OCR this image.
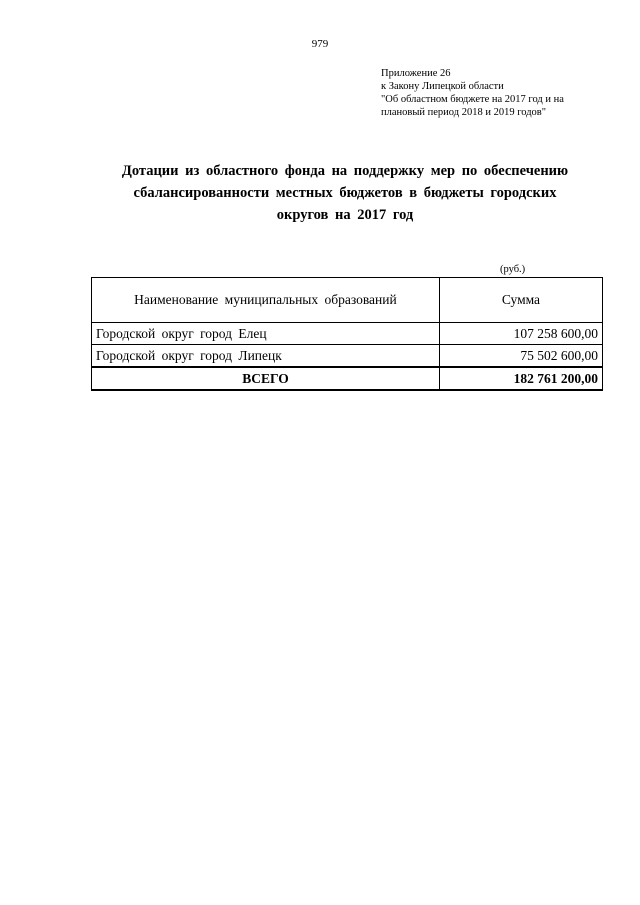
979
Приложение 26
к Закону Липецкой области
"Об областном бюджете на 2017 год и на
плановый период 2018 и 2019 годов"
Дотации из областного фонда на поддержку мер по обеспечению
сбалансированности местных бюджетов в бюджеты городских
округов на 2017 год
(руб.)
Наименование муниципальных образований	Сумма
Городской округ город Елец	107 258 600,00
Городской округ город Липецк	75 502 600,00
ВСЕГО	182 761 200,00
